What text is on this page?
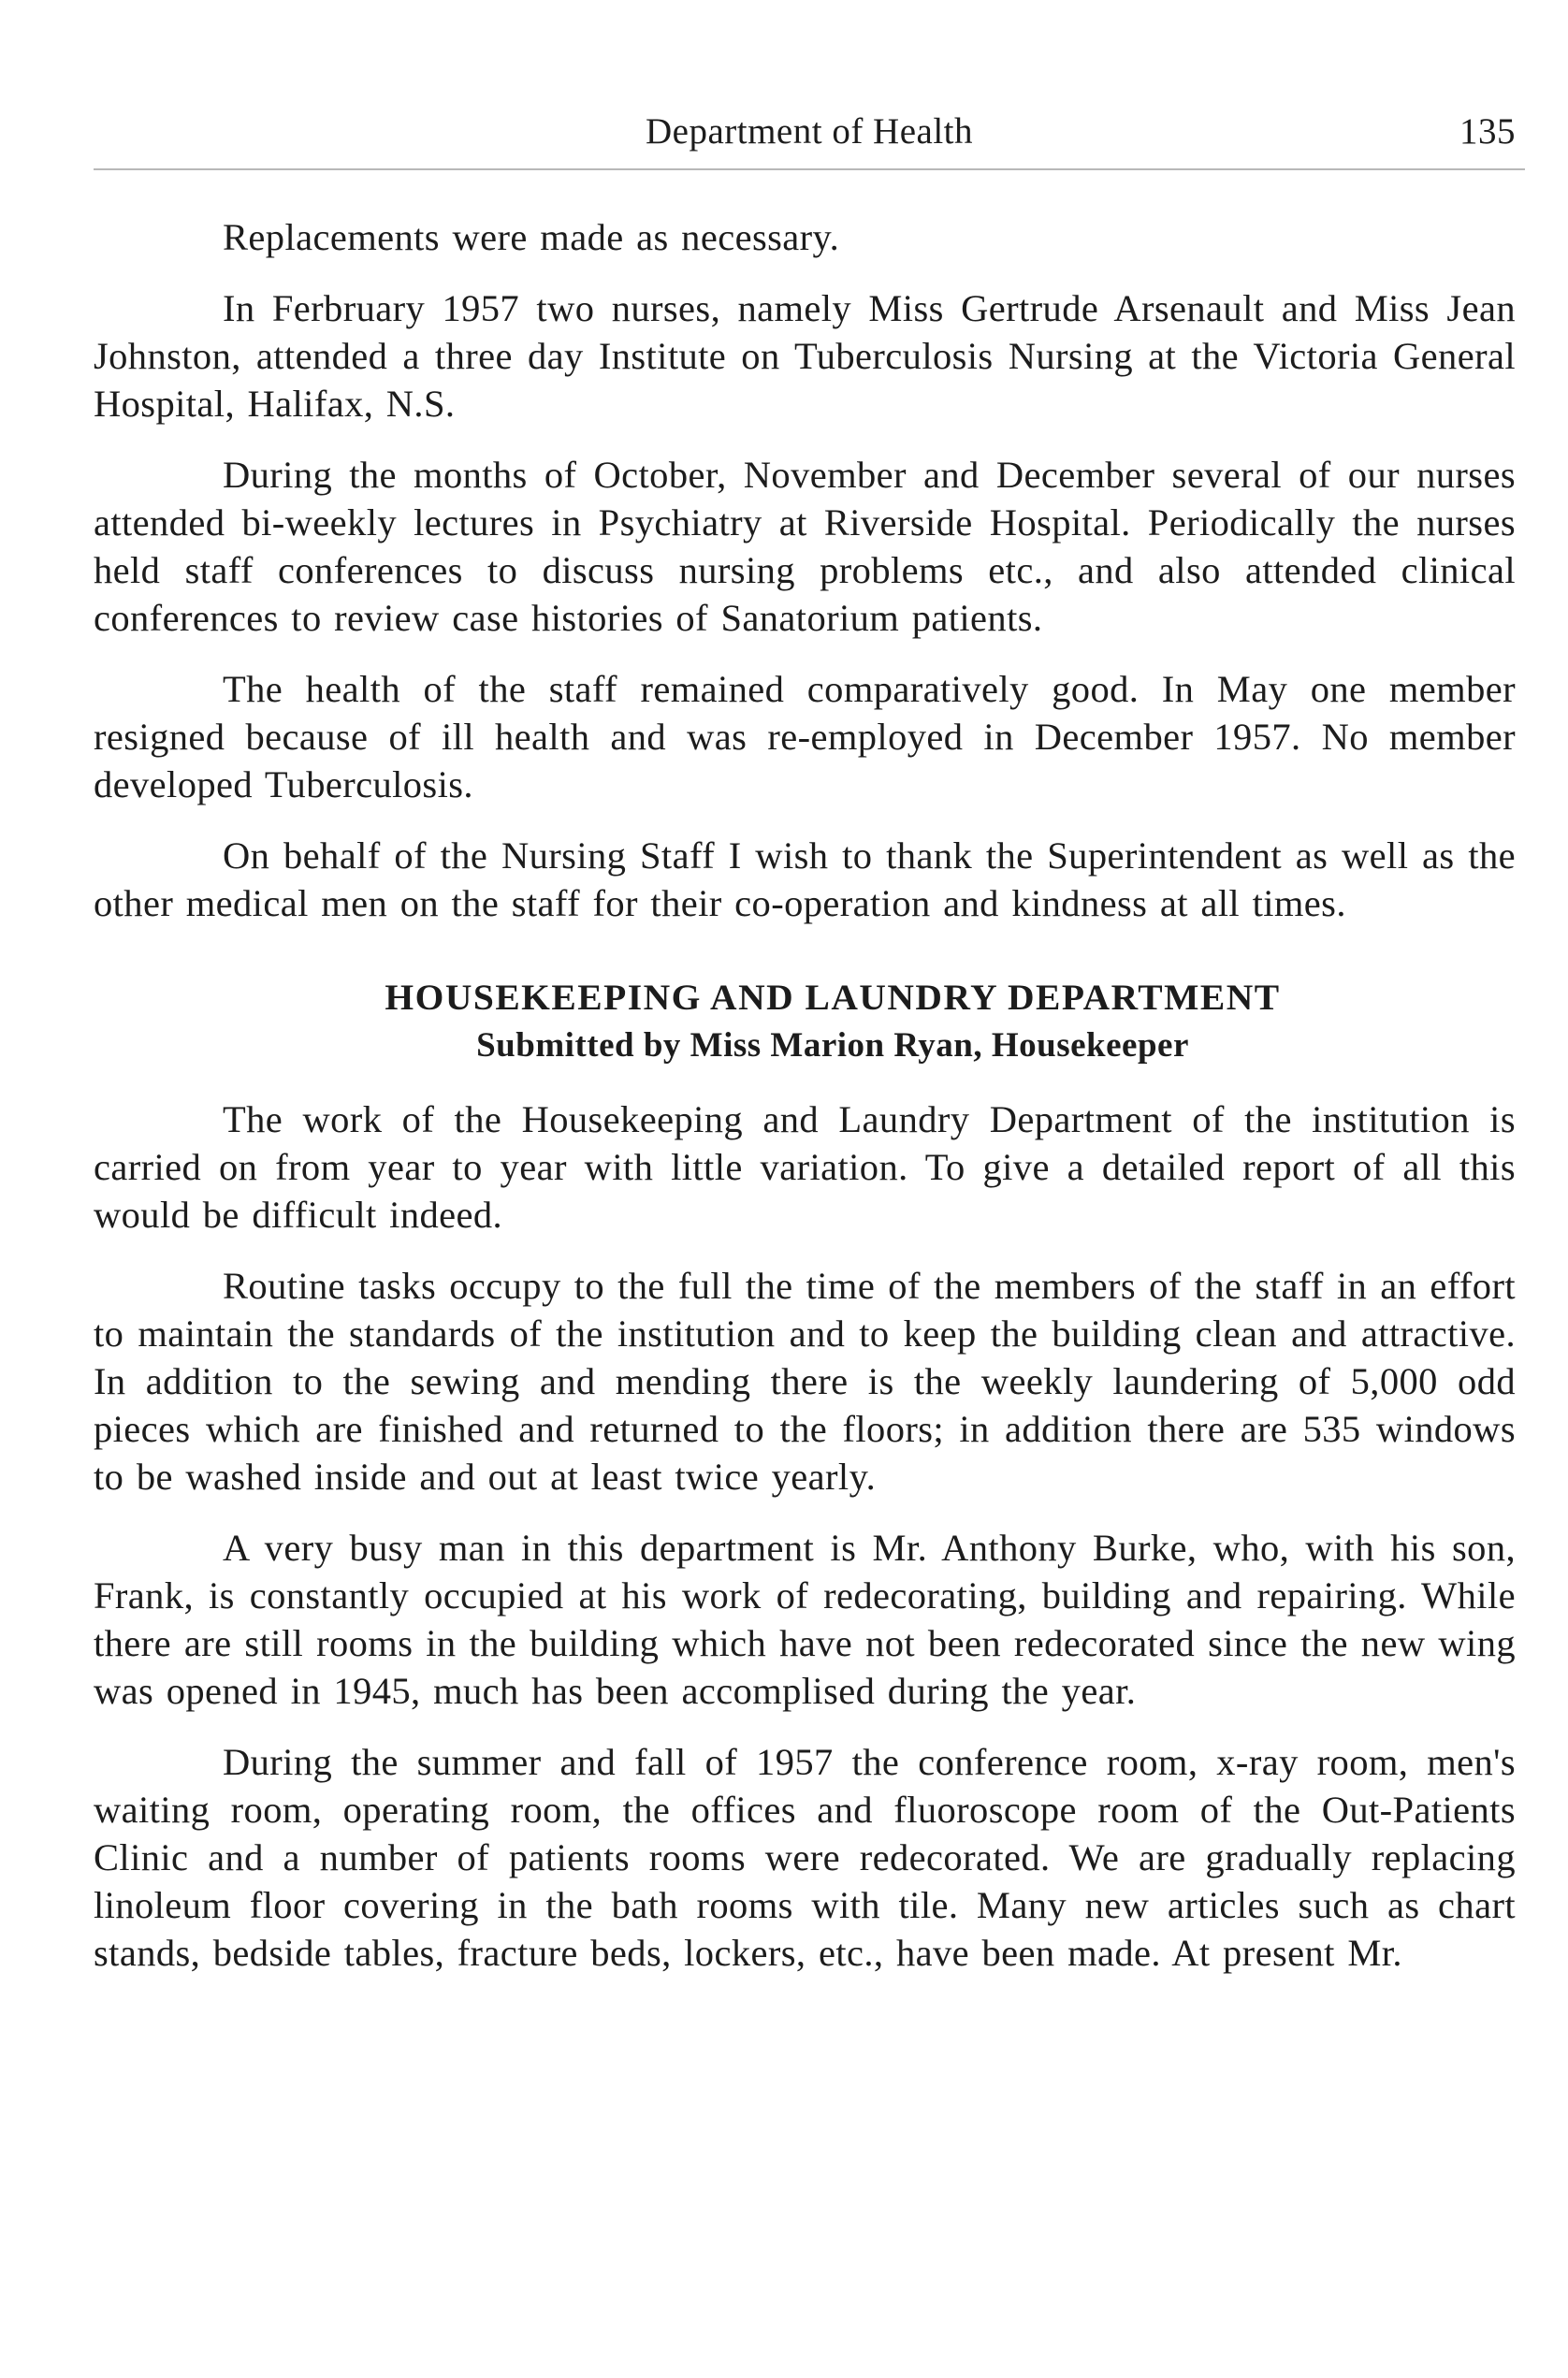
Department of Health	135

Replacements were made as necessary.

In Ferbruary 1957 two nurses, namely Miss Gertrude Arsenault and Miss Jean Johnston, attended a three day Institute on Tuberculosis Nursing at the Victoria General Hospital, Halifax, N.S.

During the months of October, November and December several of our nurses attended bi-weekly lectures in Psychiatry at Riverside Hospital. Periodically the nurses held staff conferences to discuss nursing problems etc., and also attended clinical conferences to review case histories of Sanatorium patients.

The health of the staff remained comparatively good. In May one member resigned because of ill health and was re-employed in December 1957. No member developed Tuberculosis.

On behalf of the Nursing Staff I wish to thank the Superintendent as well as the other medical men on the staff for their co-operation and kindness at all times.

HOUSEKEEPING AND LAUNDRY DEPARTMENT
Submitted by Miss Marion Ryan, Housekeeper

The work of the Housekeeping and Laundry Department of the institution is carried on from year to year with little variation. To give a detailed report of all this would be difficult indeed.

Routine tasks occupy to the full the time of the members of the staff in an effort to maintain the standards of the institution and to keep the building clean and attractive. In addition to the sewing and mending there is the weekly laundering of 5,000 odd pieces which are finished and returned to the floors; in addition there are 535 windows to be washed inside and out at least twice yearly.

A very busy man in this department is Mr. Anthony Burke, who, with his son, Frank, is constantly occupied at his work of redecorating, building and repairing. While there are still rooms in the building which have not been redecorated since the new wing was opened in 1945, much has been accomplised during the year.

During the summer and fall of 1957 the conference room, x-ray room, men's waiting room, operating room, the offices and fluoroscope room of the Out-Patients Clinic and a number of patients rooms were redecorated. We are gradually replacing linoleum floor covering in the bath rooms with tile. Many new articles such as chart stands, bedside tables, fracture beds, lockers, etc., have been made. At present Mr.
